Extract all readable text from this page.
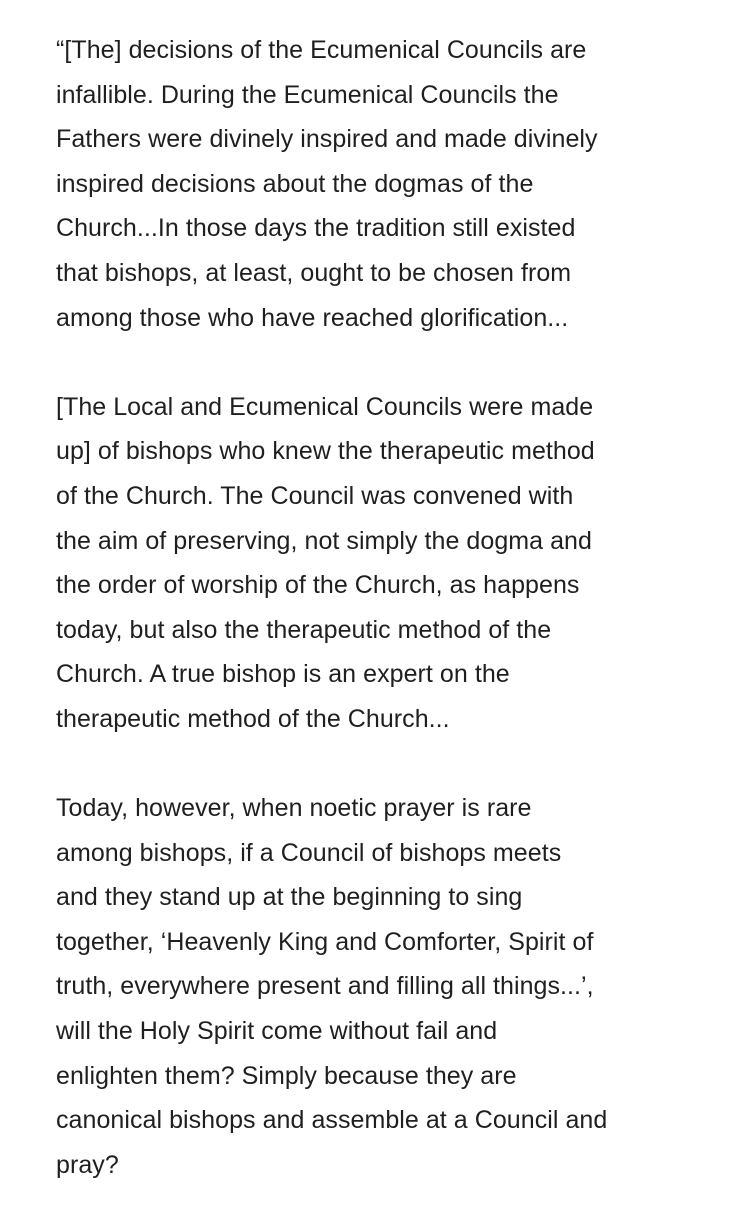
“[The] decisions of the Ecumenical Councils are
infallible. During the Ecumenical Councils the
Fathers were divinely inspired and made divinely
inspired decisions about the dogmas of the
Church...In those days the tradition still existed
that bishops, at least, ought to be chosen from
among those who have reached glorification...

[The Local and Ecumenical Councils were made
up] of bishops who knew the therapeutic method
of the Church. The Council was convened with
the aim of preserving, not simply the dogma and
the order of worship of the Church, as happens
today, but also the therapeutic method of the
Church. A true bishop is an expert on the
therapeutic method of the Church...

Today, however, when noetic prayer is rare
among bishops, if a Council of bishops meets
and they stand up at the beginning to sing
together, ‘Heavenly King and Comforter, Spirit of
truth, everywhere present and filling all things...’,
will the Holy Spirit come without fail and
enlighten them? Simply because they are
canonical bishops and assemble at a Council and
pray?
